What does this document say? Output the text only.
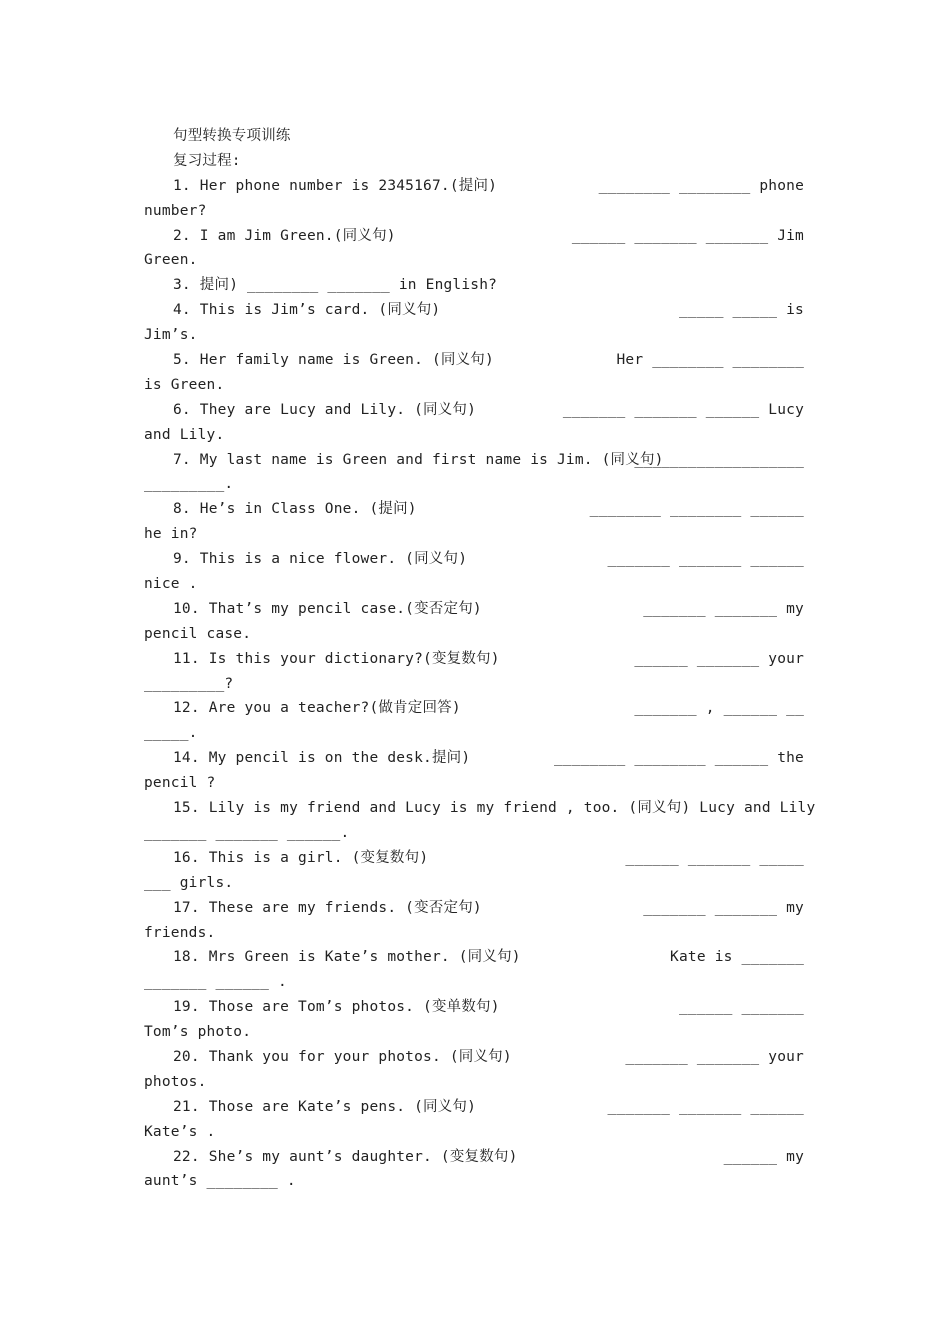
句型转换专项训练
复习过程:
1. Her phone number is 2345167.(提问)	________ ________ phone
number?
2. I am Jim Green.(同义句)	______ _______ _______ Jim
Green.
3. 提问) ________ _______ in English?
4. This is Jim’s card. (同义句)	_____ _____ is
Jim’s.
5. Her family name is Green. (同义句)	Her ________ ________
is Green.
6. They are Lucy and Lily. (同义句)	_______ _______ ______ Lucy
and Lily.
7. My last name is Green and first name is Jim. (同义句)
___________________
_________.
8. He’s in Class One. (提问)	________ ________ ______
he in?
9. This is a nice flower. (同义句)	_______ _______ ______
nice .
10. That’s my pencil case.(变否定句)	_______ _______ my
pencil case.
11. Is this your dictionary?(变复数句)	______ _______ your
_________?
12. Are you a teacher?(做肯定回答)	_______ , ______ __
_____.
14. My pencil is on the desk.提问)	________ ________ ______ the
pencil ?
15. Lily is my friend and Lucy is my friend , too. (同义句) Lucy and Lily
_______ _______ ______.
16. This is a girl. (变复数句)	______ _______ _____
___ girls.
17. These are my friends. (变否定句)	_______ _______ my
friends.
18. Mrs Green is Kate’s mother. (同义句)	Kate is _______
_______ ______ .
19. Those are Tom’s photos. (变单数句)	______ _______
Tom’s photo.
20. Thank you for your photos. (同义句)	_______ _______ your
photos.
21. Those are Kate’s pens. (同义句)	_______ _______ ______
Kate’s .
22. She’s my aunt’s daughter. (变复数句)	______ my
aunt’s ________ .
